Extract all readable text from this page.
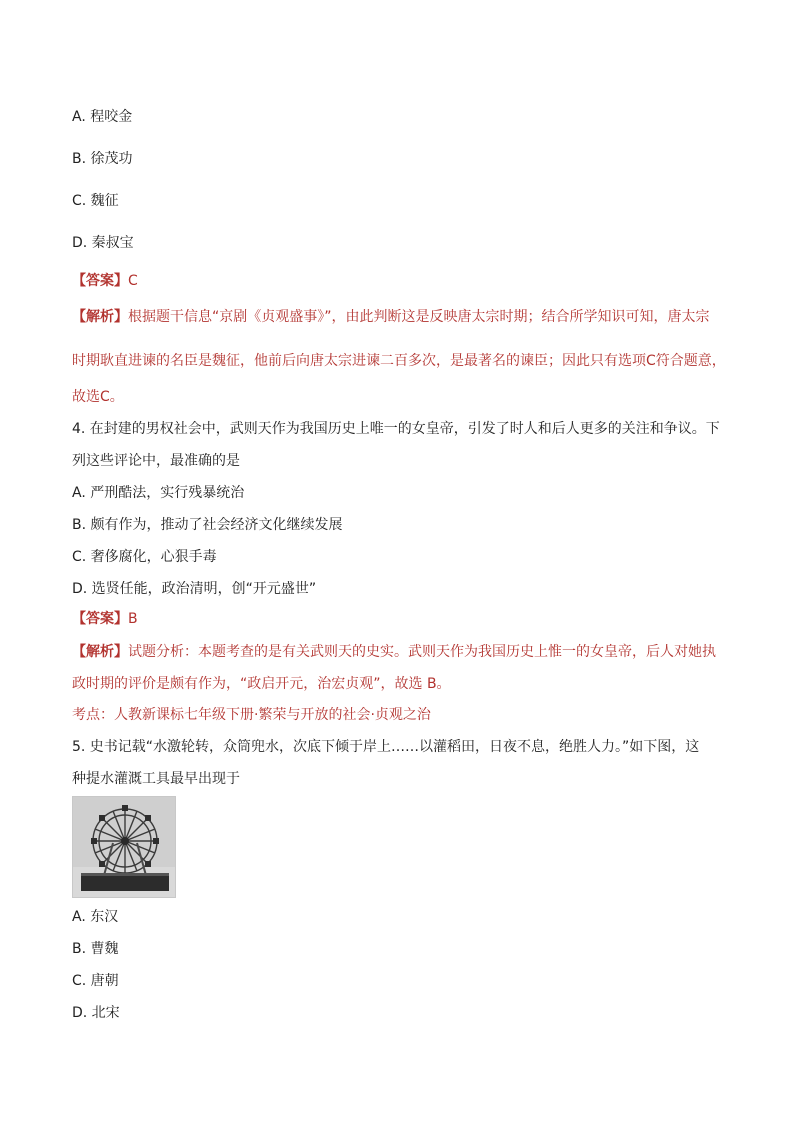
A. 程咬金
B. 徐茂功
C. 魏征
D. 秦叔宝
【答案】C
【解析】根据题干信息“京剧《贞观盛事》”，由此判断这是反映唐太宗时期；结合所学知识可知，唐太宗
时期耿直进谏的名臣是魏征，他前后向唐太宗进谏二百多次，是最著名的谏臣；因此只有选项C符合题意，
故选C。
4. 在封建的男权社会中，武则天作为我国历史上唯一的女皇帝，引发了时人和后人更多的关注和争议。下
列这些评论中，最准确的是
A. 严刑酷法，实行残暴统治
B. 颇有作为，推动了社会经济文化继续发展
C. 奢侈腐化，心狠手毒
D. 选贤任能，政治清明，创“开元盛世”
【答案】B
【解析】试题分析：本题考查的是有关武则天的史实。武则天作为我国历史上惟一的女皇帝，后人对她执
政时期的评价是颇有作为，“政启开元，治宏贞观”，故选 B。
考点：人教新课标七年级下册·繁荣与开放的社会·贞观之治
5. 史书记载“水激轮转，众筒兜水，次底下倾于岸上……以灌稻田，日夜不息，绝胜人力。”如下图，这
种提水灌溉工具最早出现于
A. 东汉
B. 曹魏
C. 唐朝
D. 北宋
